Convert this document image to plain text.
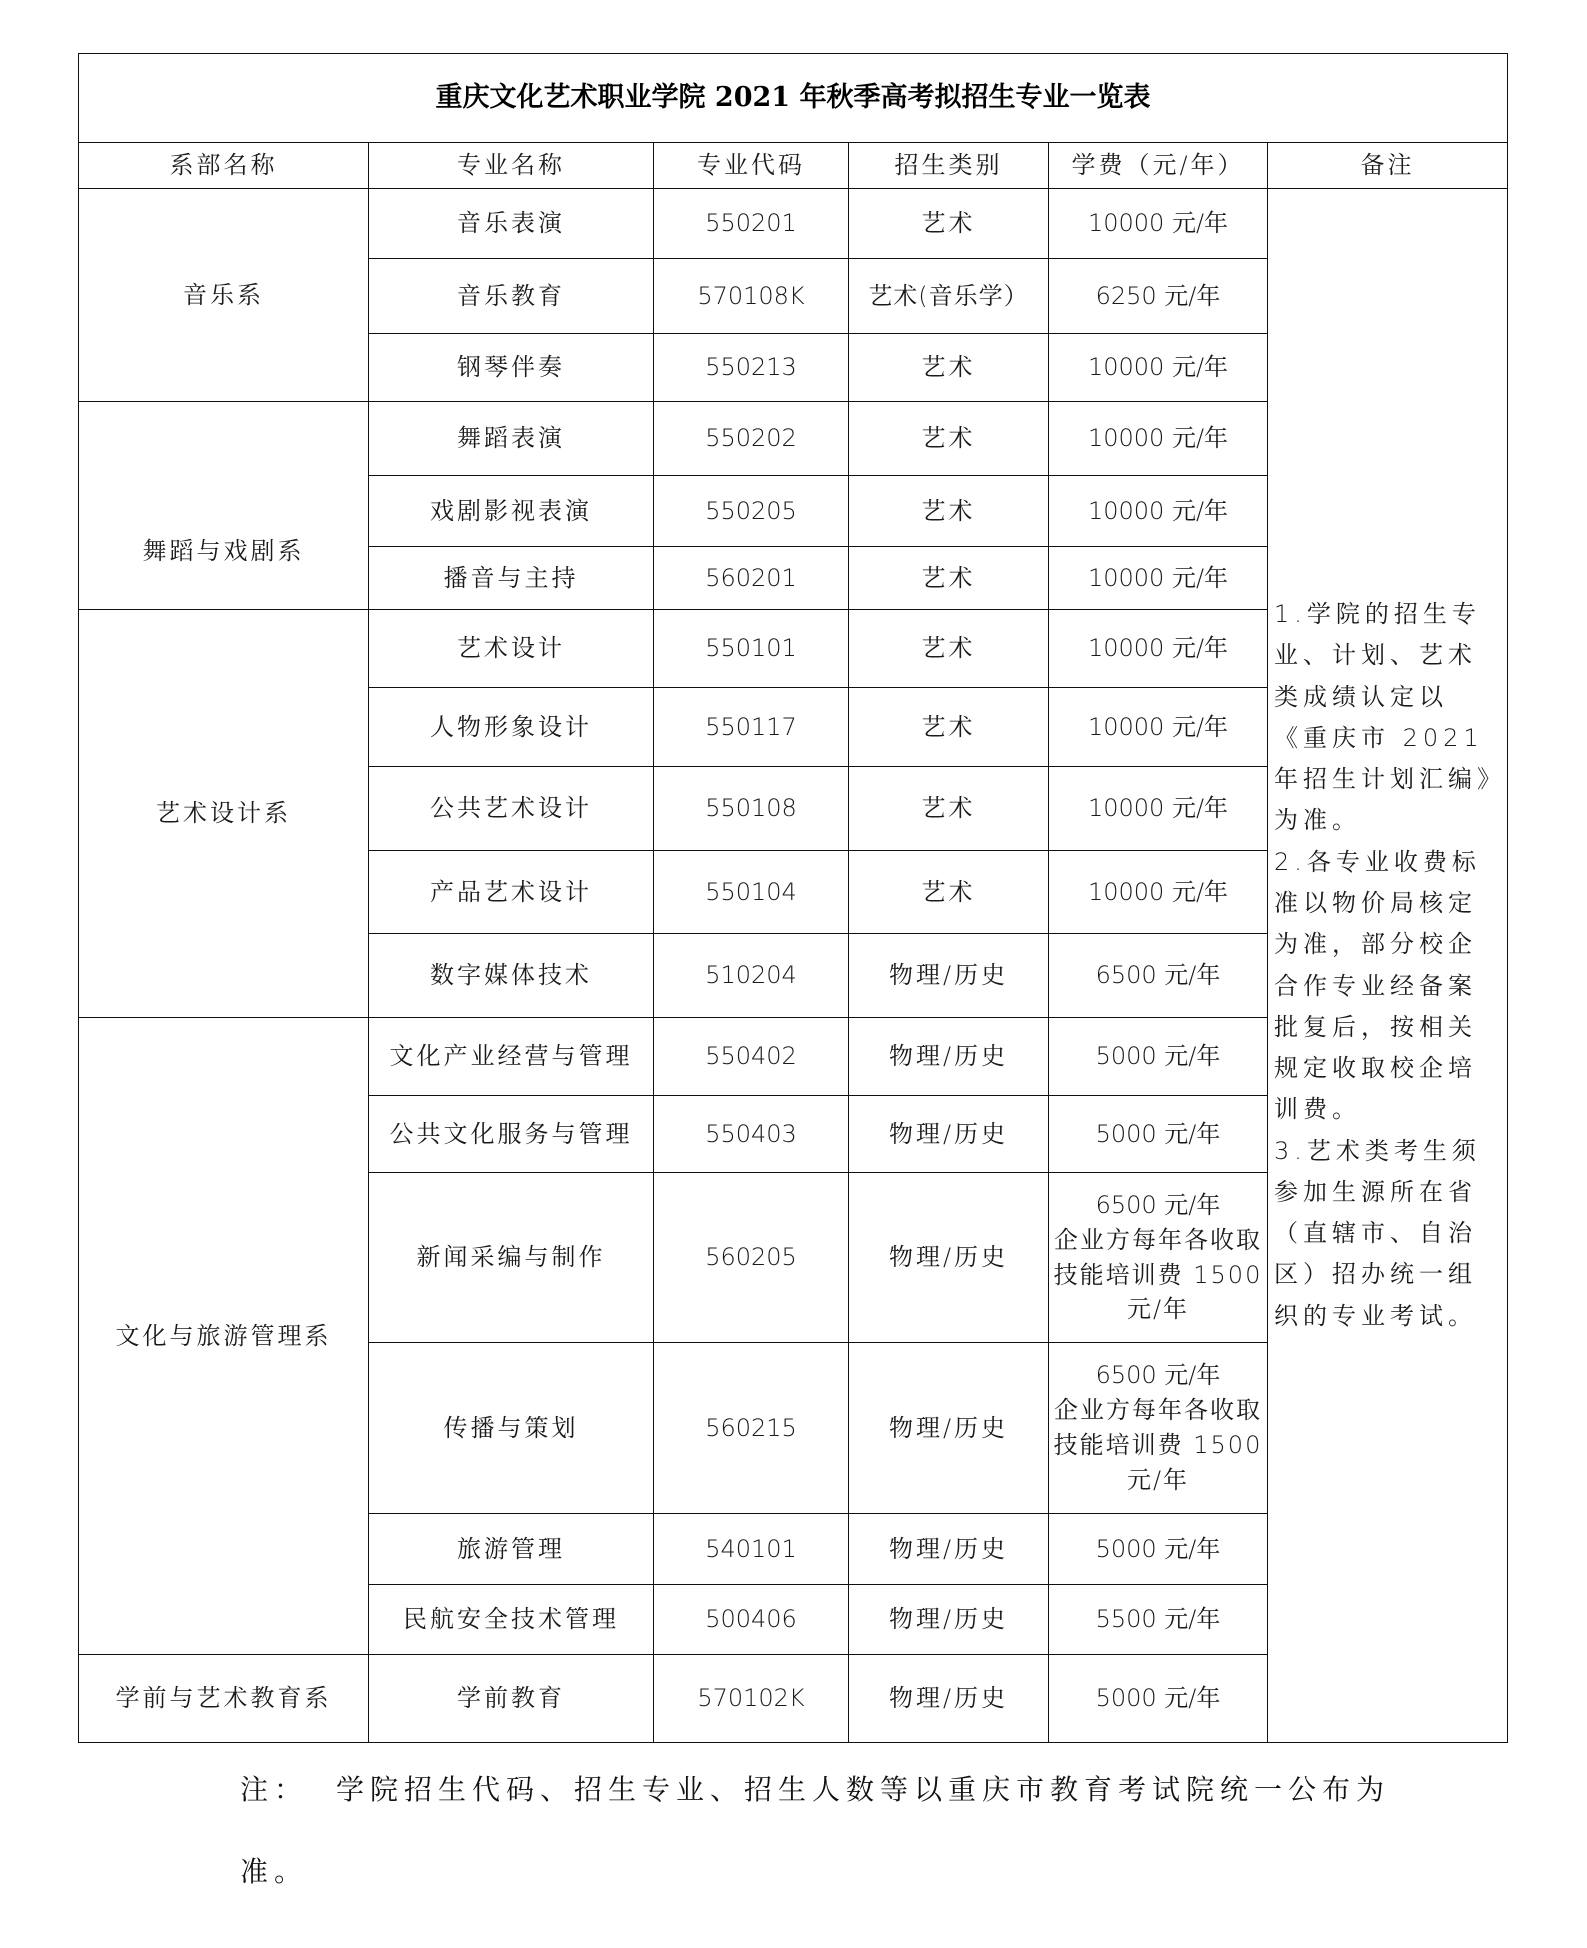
重庆文化艺术职业学院 2021 年秋季高考拟招生专业一览表					
系部名称	专业名称	专业代码	招生类别	学费（元/年）	备注
音乐系	音乐表演	550201	艺术	10000 元/年	1.学院的招生专业、计划、艺术类成绩认定以《重庆市 2021 年招生计划汇编》为准。
2.各专业收费标准以物价局核定为准，部分校企合作专业经备案批复后，按相关规定收取校企培训费。
3.艺术类考生须参加生源所在省（直辖市、自治区）招办统一组织的专业考试。

	音乐教育	570108K	艺术(音乐学）	6250 元/年	
	钢琴伴奏	550213	艺术	10000 元/年	
舞蹈与戏剧系	舞蹈表演	550202	艺术	10000 元/年	
	戏剧影视表演	550205	艺术	10000 元/年	
	播音与主持	560201	艺术	10000 元/年	
艺术设计系	艺术设计	550101	艺术	10000 元/年	
	人物形象设计	550117	艺术	10000 元/年	
	公共艺术设计	550108	艺术	10000 元/年	
	产品艺术设计	550104	艺术	10000 元/年	
	数字媒体技术	510204	物理/历史	6500 元/年	
文化与旅游管理系	文化产业经营与管理	550402	物理/历史	5000 元/年	
	公共文化服务与管理	550403	物理/历史	5000 元/年	
	新闻采编与制作	560205	物理/历史	6500 元/年
企业方每年各收取技能培训费 1500 元/年	

	传播与策划	560215	物理/历史	6500 元/年
企业方每年各收取技能培训费 1500 元/年	

	旅游管理	540101	物理/历史	5000 元/年	
	民航安全技术管理	500406	物理/历史	5500 元/年	
学前与艺术教育系	学前教育	570102K	物理/历史	5000 元/年	
注： 学院招生代码、招生专业、招生人数等以重庆市教育考试院统一公布为
准。
